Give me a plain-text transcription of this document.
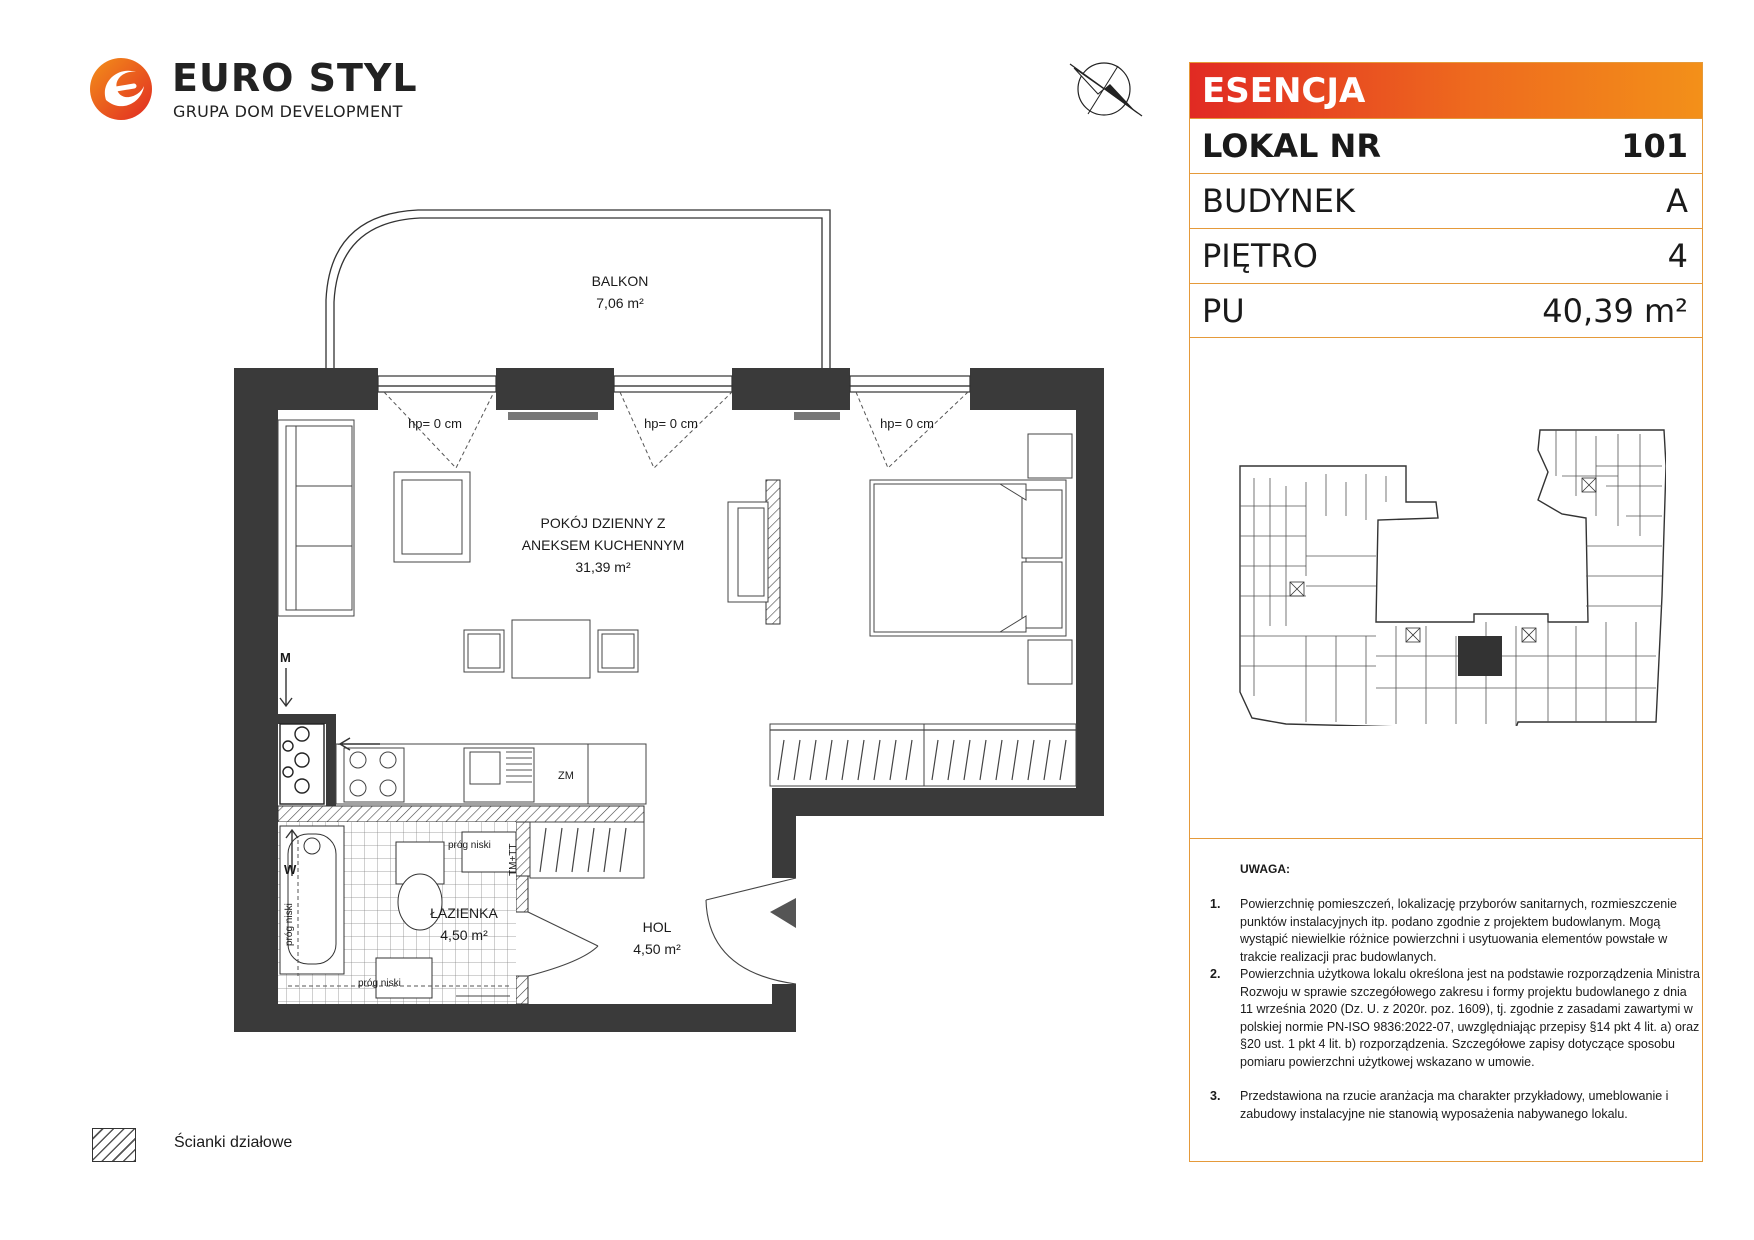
EURO STYL
GRUPA DOM DEVELOPMENT
ESENCJA
LOKAL NR	101
BUDYNEK	A
PIĘTRO	4
PU	40,39 m²
UWAGA:
1. Powierzchnię pomieszczeń, lokalizację przyborów sanitarnych, rozmieszczenie punktów instalacyjnych itp. podano zgodnie z projektem budowlanym. Mogą wystąpić niewielkie różnice powierzchni i usytuowania elementów powstałe w trakcie realizacji prac budowlanych.
2. Powierzchnia użytkowa lokalu określona jest na podstawie rozporządzenia Ministra Rozwoju w sprawie szczegółowego zakresu i formy projektu budowlanego z dnia 11 września 2020 (Dz. U. z 2020r. poz. 1609), tj. zgodnie z zasadami zawartymi w polskiej normie PN-ISO 9836:2022-07, uwzględniając przepisy §14 pkt 4 lit. a) oraz §20 ust. 1 pkt 4 lit. b) rozporządzenia. Szczegółowe zapisy dotyczące sposobu pomiaru powierzchni użytkowej wskazano w umowie.
3. Przedstawiona na rzucie aranżacja ma charakter przykładowy, umeblowanie i zabudowy instalacyjne nie stanowią wyposażenia nabywanego lokalu.
Ścianki działowe
BALKON
7,06 m²
POKÓJ DZIENNY Z
ANEKSEM KUCHENNYM
31,39 m²
ŁAZIENKA
4,50 m²	HOL
4,50 m²
hp= 0 cm	hp= 0 cm	hp= 0 cm
próg niski
próg niski
próg niski
ZM
TM+TT
M
W
